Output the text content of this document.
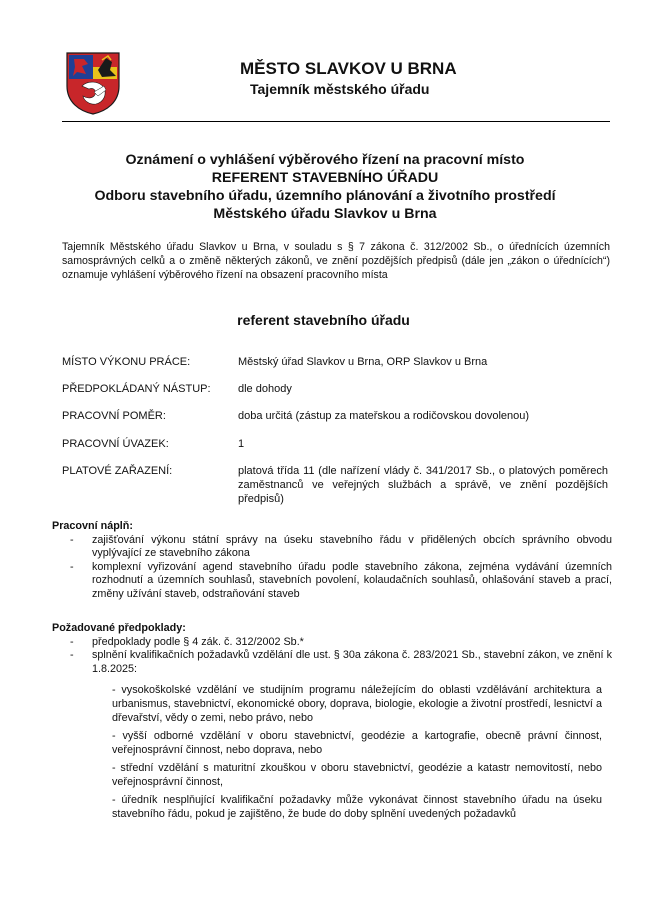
MĚSTO SLAVKOV U BRNA
Tajemník městského úřadu
Oznámení o vyhlášení výběrového řízení na pracovní místo
REFERENT STAVEBNÍHO ÚŘADU
Odboru stavebního úřadu, územního plánování a životního prostředí
Městského úřadu Slavkov u Brna
Tajemník Městského úřadu Slavkov u Brna, v souladu s § 7 zákona č. 312/2002 Sb., o úřednících územních samosprávných celků a o změně některých zákonů, ve znění pozdějších předpisů (dále jen „zákon o úřednících“) oznamuje vyhlášení výběrového řízení na obsazení pracovního místa
referent stavebního úřadu
MÍSTO VÝKONU PRÁCE:	Městský úřad Slavkov u Brna, ORP Slavkov u Brna
PŘEDPOKLÁDANÝ NÁSTUP:	dle dohody
PRACOVNÍ POMĚR:	doba určitá (zástup za mateřskou a rodičovskou dovolenou)
PRACOVNÍ ÚVAZEK:	1
PLATOVÉ ZAŘAZENÍ:	platová třída 11 (dle nařízení vlády č. 341/2017 Sb., o platových poměrech zaměstnanců ve veřejných službách a správě, ve znění pozdějších předpisů)
Pracovní náplň:
- zajišťování výkonu státní správy na úseku stavebního řádu v přidělených obcích správního obvodu vyplývající ze stavebního zákona
- komplexní vyřizování agend stavebního úřadu podle stavebního zákona, zejména vydávání územních rozhodnutí a územních souhlasů, stavebních povolení, kolaudačních souhlasů, ohlašování staveb a prací, změny užívání staveb, odstraňování staveb
Požadované předpoklady:
- předpoklady podle § 4 zák. č. 312/2002 Sb.*
- splnění kvalifikačních požadavků vzdělání dle ust. § 30a zákona č. 283/2021 Sb., stavební zákon, ve znění k 1.8.2025:

- vysokoškolské vzdělání ve studijním programu náležejícím do oblasti vzdělávání architektura a urbanismus, stavebnictví, ekonomické obory, doprava, biologie, ekologie a životní prostředí, lesnictví a dřevařství, vědy o zemi, nebo právo, nebo

- vyšší odborné vzdělání v oboru stavebnictví, geodézie a kartografie, obecně právní činnost, veřejnosprávní činnost, nebo doprava, nebo

- střední vzdělání s maturitní zkouškou v oboru stavebnictví, geodézie a katastr nemovitostí, nebo veřejnosprávní činnost,

- úředník nesplňující kvalifikační požadavky může vykonávat činnost stavebního úřadu na úseku stavebního řádu, pokud je zajištěno, že bude do doby splnění uvedených požadavků
